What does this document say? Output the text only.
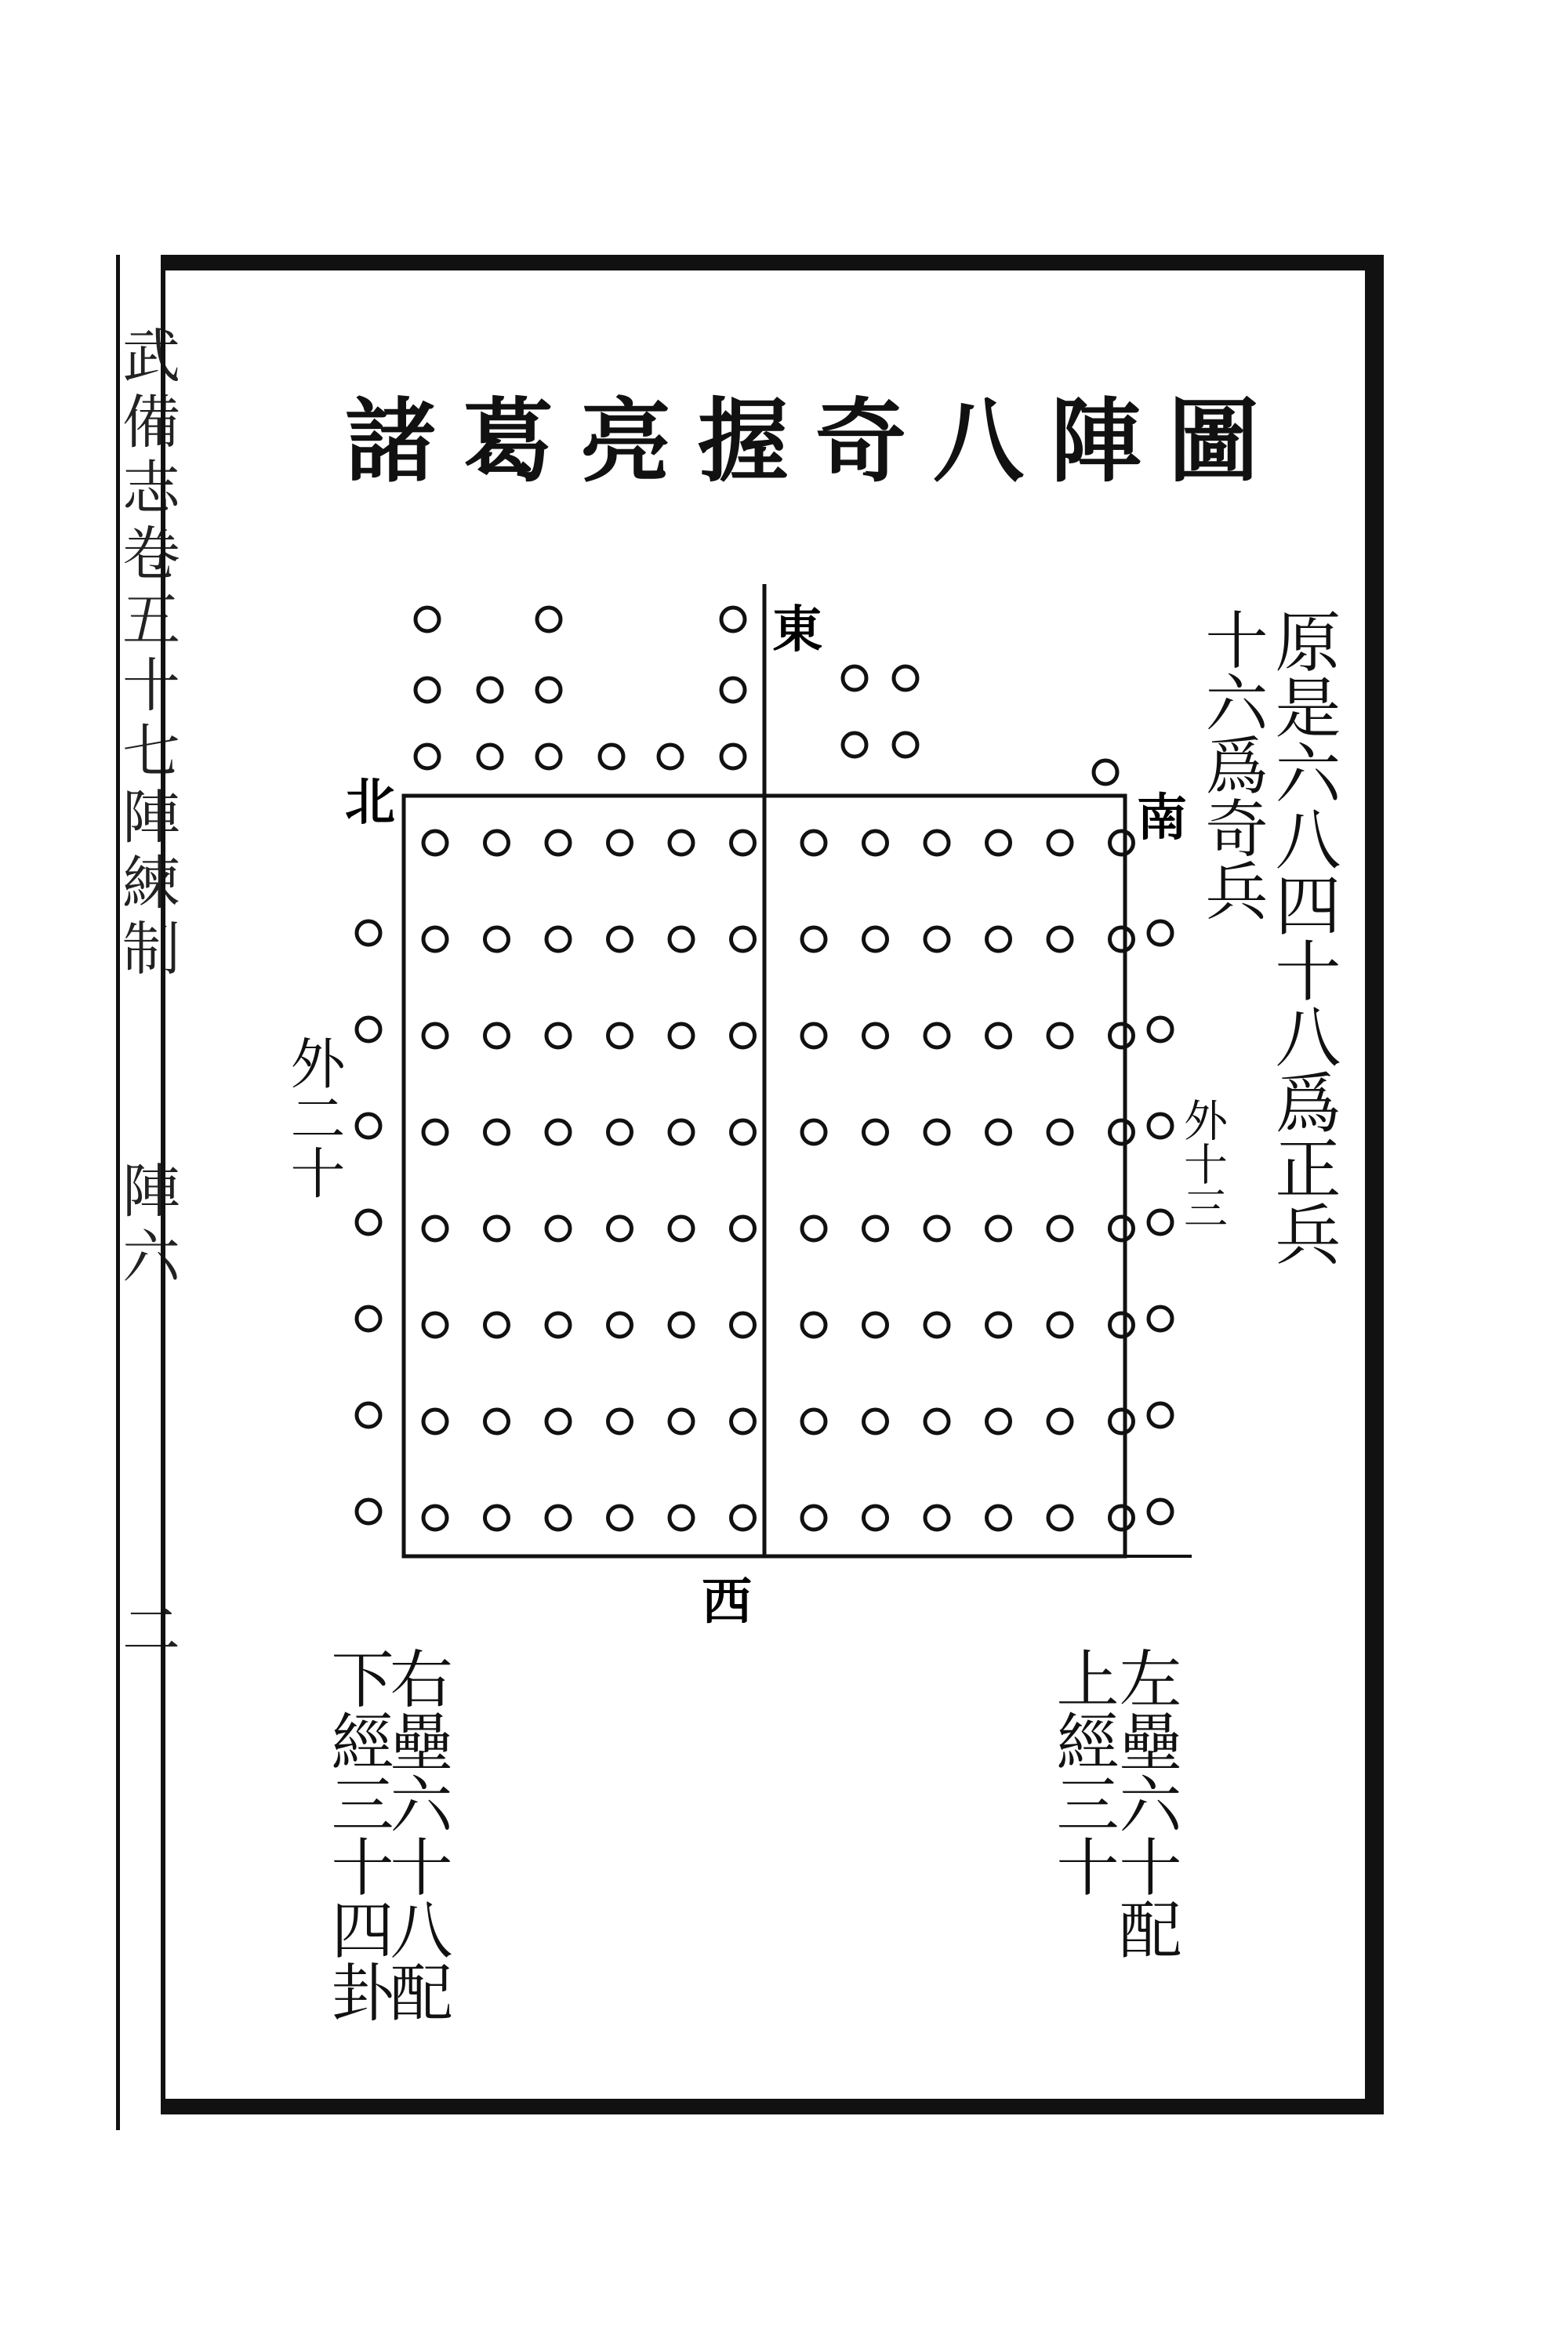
武備志卷五十七陣練制
陣六
二
諸葛亮握奇八陣圖
東
西
北	南
外二十	外十三 原是六八四十八爲正兵
十六爲奇兵
右壘六十八配
下經三十四卦	左壘六十配
上經三十
